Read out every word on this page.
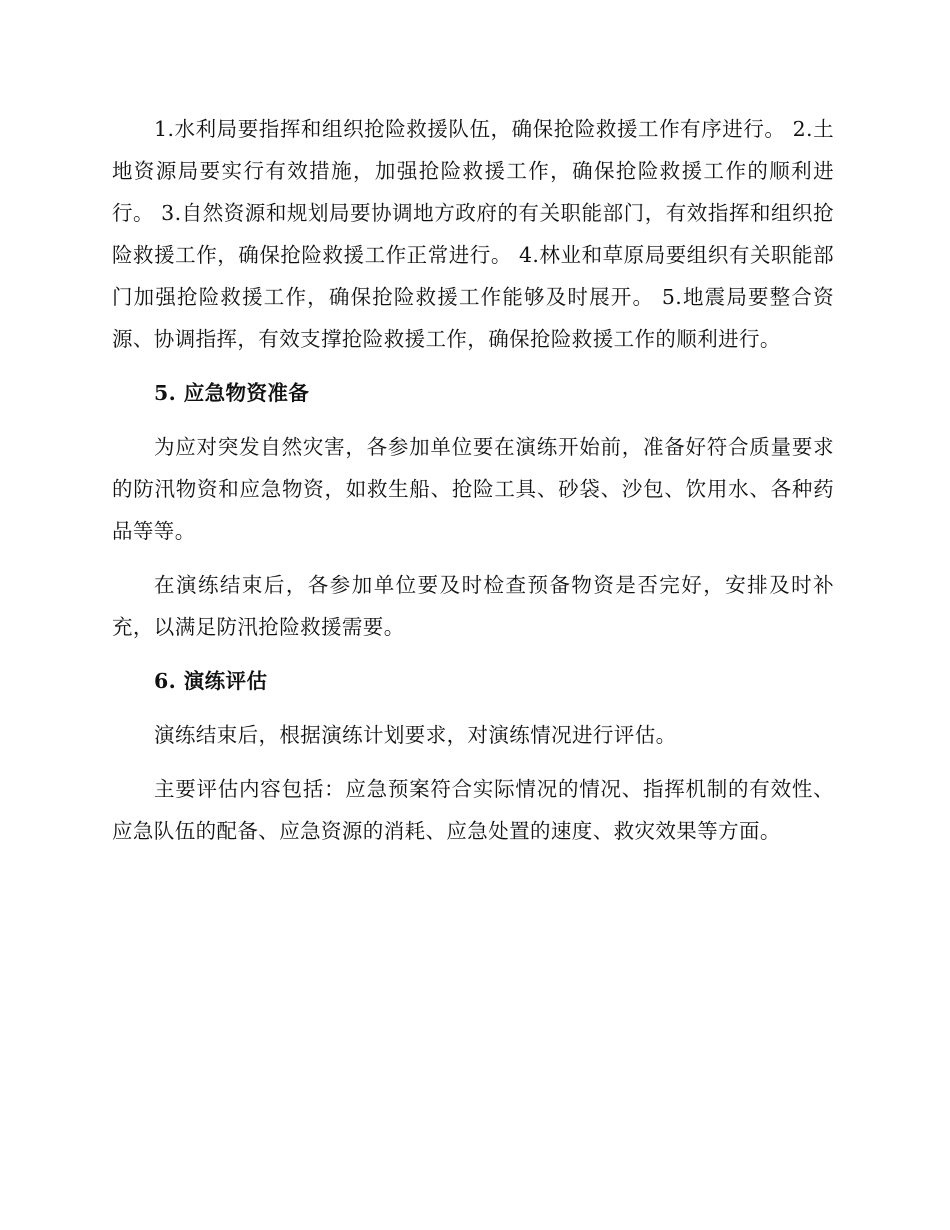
1.水利局要指挥和组织抢险救援队伍，确保抢险救援工作有序进行。 2.土地资源局要实行有效措施，加强抢险救援工作，确保抢险救援工作的顺利进行。 3.自然资源和规划局要协调地方政府的有关职能部门，有效指挥和组织抢险救援工作，确保抢险救援工作正常进行。 4.林业和草原局要组织有关职能部门加强抢险救援工作，确保抢险救援工作能够及时展开。 5.地震局要整合资源、协调指挥，有效支撑抢险救援工作，确保抢险救援工作的顺利进行。

5. 应急物资准备

为应对突发自然灾害，各参加单位要在演练开始前，准备好符合质量要求的防汛物资和应急物资，如救生船、抢险工具、砂袋、沙包、饮用水、各种药品等等。

在演练结束后，各参加单位要及时检查预备物资是否完好，安排及时补充，以满足防汛抢险救援需要。

6. 演练评估

演练结束后，根据演练计划要求，对演练情况进行评估。

主要评估内容包括：应急预案符合实际情况的情况、指挥机制的有效性、应急队伍的配备、应急资源的消耗、应急处置的速度、救灾效果等方面。
